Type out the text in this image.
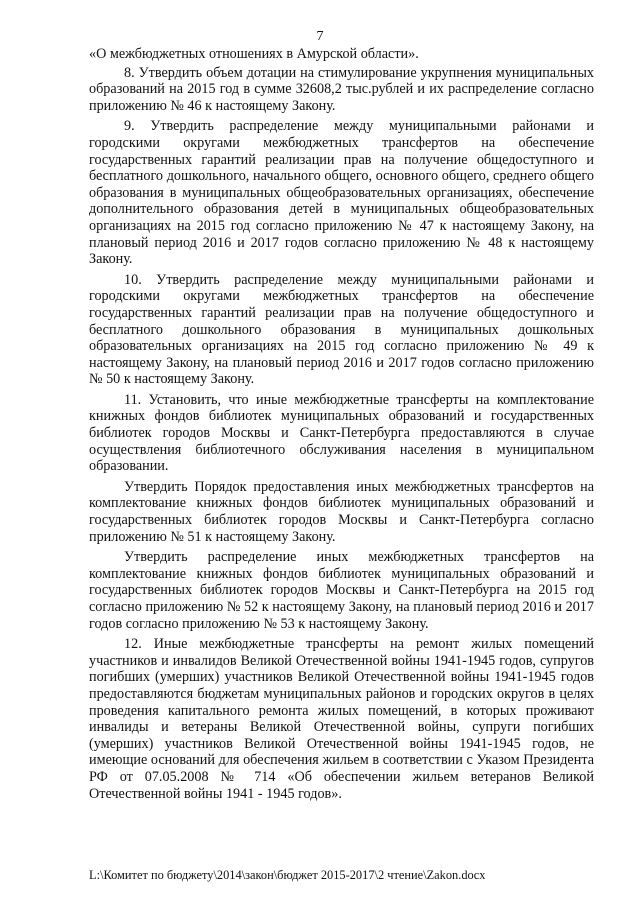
7

«О межбюджетных отношениях в Амурской области».

8. Утвердить объем дотации на стимулирование укрупнения муниципальных образований на 2015 год в сумме 32608,2 тыс.рублей и их распределение согласно приложению № 46 к настоящему Закону.

9. Утвердить распределение между муниципальными районами и городскими округами межбюджетных трансфертов на обеспечение государственных гарантий реализации прав на получение общедоступного и бесплатного дошкольного, начального общего, основного общего, среднего общего образования в муниципальных общеобразовательных организациях, обеспечение дополнительного образования детей в муниципальных общеобразовательных организациях на 2015 год согласно приложению № 47 к настоящему Закону, на плановый период 2016 и 2017 годов согласно приложению № 48 к настоящему Закону.

10. Утвердить распределение между муниципальными районами и городскими округами межбюджетных трансфертов на обеспечение государственных гарантий реализации прав на получение общедоступного и бесплатного дошкольного образования в муниципальных дошкольных образовательных организациях на 2015 год согласно приложению № 49 к настоящему Закону, на плановый период 2016 и 2017 годов согласно приложению № 50 к настоящему Закону.

11. Установить, что иные межбюджетные трансферты на комплектование книжных фондов библиотек муниципальных образований и государственных библиотек городов Москвы и Санкт-Петербурга предоставляются в случае осуществления библиотечного обслуживания населения в муниципальном образовании.

Утвердить Порядок предоставления иных межбюджетных трансфертов на комплектование книжных фондов библиотек муниципальных образований и государственных библиотек городов Москвы и Санкт-Петербурга согласно приложению № 51 к настоящему Закону.

Утвердить распределение иных межбюджетных трансфертов на комплектование книжных фондов библиотек муниципальных образований и государственных библиотек городов Москвы и Санкт-Петербурга на 2015 год согласно приложению № 52 к настоящему Закону, на плановый период 2016 и 2017 годов согласно приложению № 53 к настоящему Закону.

12. Иные межбюджетные трансферты на ремонт жилых помещений участников и инвалидов Великой Отечественной войны 1941-1945 годов, супругов погибших (умерших) участников Великой Отечественной войны 1941-1945 годов предоставляются бюджетам муниципальных районов и городских округов в целях проведения капитального ремонта жилых помещений, в которых проживают инвалиды и ветераны Великой Отечественной войны, супруги погибших (умерших) участников Великой Отечественной войны 1941-1945 годов, не имеющие оснований для обеспечения жильем в соответствии с Указом Президента РФ от 07.05.2008 № 714 «Об обеспечении жильем ветеранов Великой Отечественной войны 1941 - 1945 годов».

L:\Комитет по бюджету\2014\закон\бюджет 2015-2017\2 чтение\Zakon.docx
